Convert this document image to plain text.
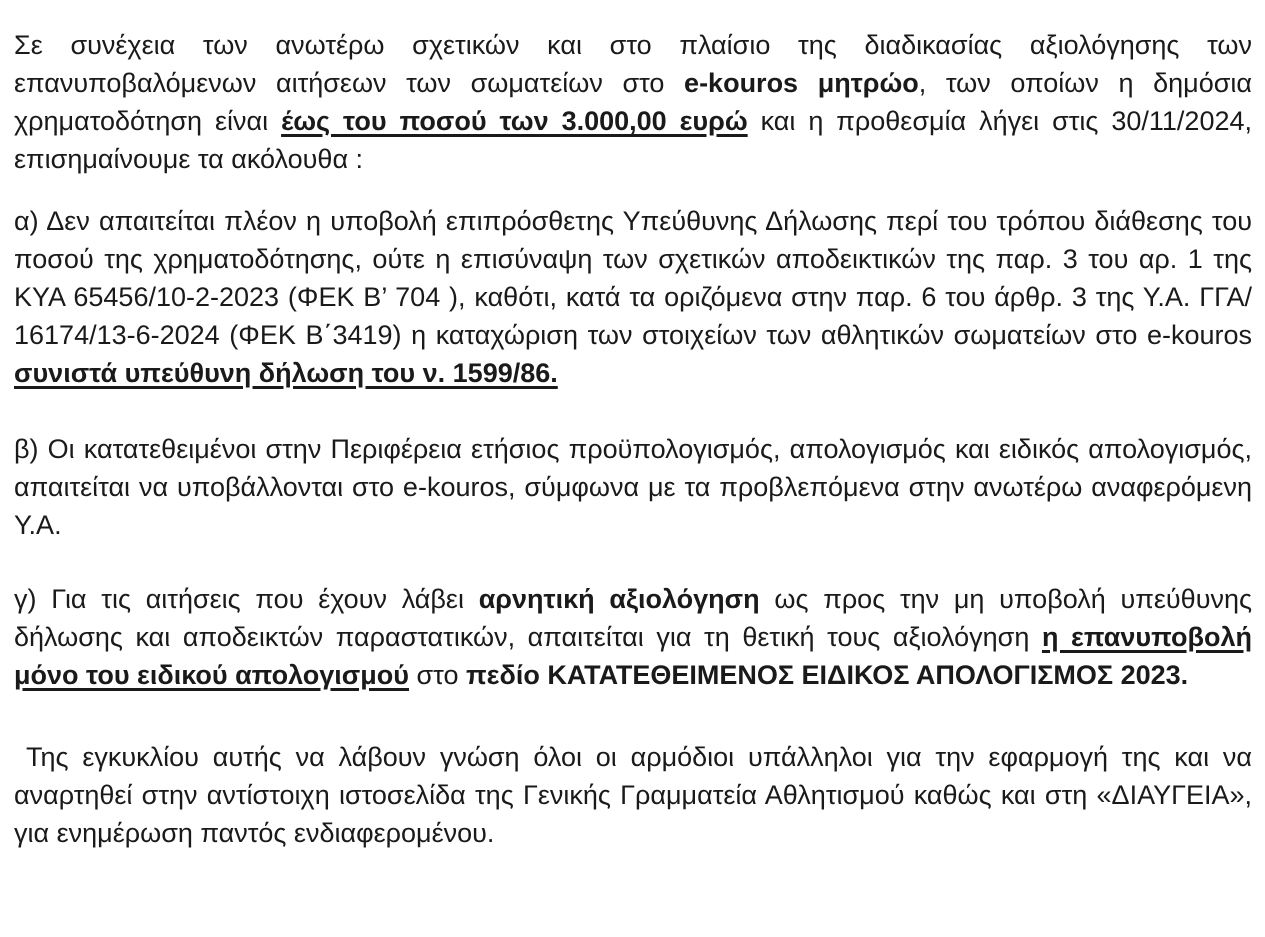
Σε συνέχεια των ανωτέρω σχετικών και στο πλαίσιο της διαδικασίας αξιολόγησης των επανυποβαλόμενων αιτήσεων των σωματείων στο e-kouros μητρώο, των οποίων η δημόσια χρηματοδότηση είναι έως του ποσού των 3.000,00 ευρώ και η προθεσμία λήγει στις 30/11/2024, επισημαίνουμε τα ακόλουθα :

α) Δεν απαιτείται πλέον η υποβολή επιπρόσθετης Υπεύθυνης Δήλωσης περί του τρόπου διάθεσης του ποσού της χρηματοδότησης, ούτε η επισύναψη των σχετικών αποδεικτικών της παρ. 3 του αρ. 1 της ΚΥΑ 65456/10-2-2023 (ΦΕΚ Β’ 704 ), καθότι, κατά τα οριζόμενα στην παρ. 6 του άρθρ. 3 της Υ.Α. ΓΓΑ/ 16174/13-6-2024 (ΦΕΚ Β΄3419) η καταχώριση των στοιχείων των αθλητικών σωματείων στο e-kouros συνιστά υπεύθυνη δήλωση του ν. 1599/86.

β) Οι κατατεθειμένοι στην Περιφέρεια ετήσιος προϋπολογισμός, απολογισμός και ειδικός απολογισμός, απαιτείται να υποβάλλονται στο e-kouros, σύμφωνα με τα προβλεπόμενα στην ανωτέρω αναφερόμενη Υ.Α.

γ) Για τις αιτήσεις που έχουν λάβει αρνητική αξιολόγηση ως προς την μη υποβολή υπεύθυνης δήλωσης και αποδεικτών παραστατικών, απαιτείται για τη θετική τους αξιολόγηση η επανυποβολή μόνο του ειδικού απολογισμού στο πεδίο ΚΑΤΑΤΕΘΕΙΜΕΝΟΣ ΕΙΔΙΚΟΣ ΑΠΟΛΟΓΙΣΜΟΣ 2023.

Της εγκυκλίου αυτής να λάβουν γνώση όλοι οι αρμόδιοι υπάλληλοι για την εφαρμογή της και να αναρτηθεί στην αντίστοιχη ιστοσελίδα της Γενικής Γραμματεία Αθλητισμού καθώς και στη «ΔΙΑΥΓΕΙΑ», για ενημέρωση παντός ενδιαφερομένου.
